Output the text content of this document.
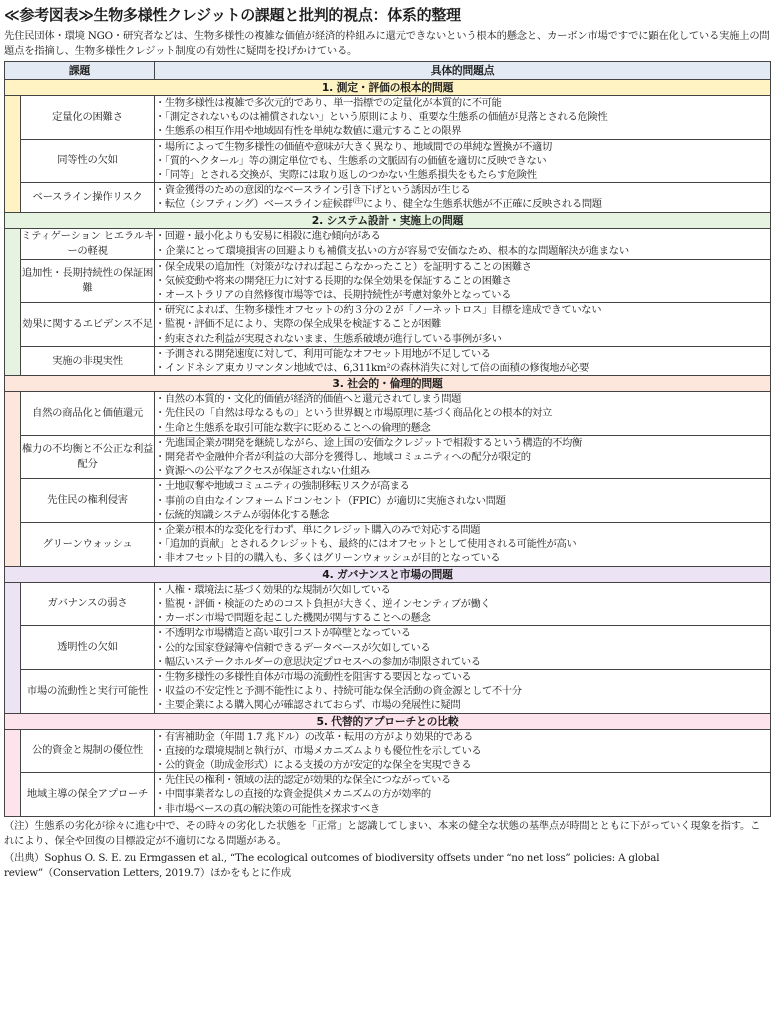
≪参考図表≫生物多様性クレジットの課題と批判的視点：体系的整理
先住民団体・環境 NGO・研究者などは、生物多様性の複雑な価値が経済的枠組みに還元できないという根本的懸念と、カーボン市場ですでに顕在化している実施上の問題点を指摘し、生物多様性クレジット制度の有効性に疑問を投げかけている。
課題		具体的問題点
1. 測定・評価の根本的問題		
	定量化の困難さ	・生物多様性は複雑で多次元的であり、単一指標での定量化が本質的に不可能
・「測定されないものは補償されない」という原則により、重要な生態系の価値が見落とされる危険性
・生態系の相互作用や地域固有性を単純な数値に還元することの限界

	同等性の欠如	・場所によって生物多様性の価値や意味が大きく異なり、地域間での単純な置換が不適切
・「質的ヘクタール」等の測定単位でも、生態系の文脈固有の価値を適切に反映できない
・「同等」とされる交換が、実際には取り返しのつかない生態系損失をもたらす危険性

	ベースライン操作リスク	・資金獲得のための意図的なベースライン引き下げという誘因が生じる
・転位（シフティング）ベースライン症候群$^{(注)}$により、健全な生態系状態が不正確に反映される問題

2. システム設計・実施上の問題		
	ミティゲーション ヒエラルキーの軽視	・回避・最小化よりも安易に相殺に進む傾向がある
・企業にとって環境損害の回避よりも補償支払いの方が容易で安価なため、根本的な問題解決が進まない

	追加性・長期持続性の保証困難	・保全成果の追加性（対策がなければ起こらなかったこと）を証明することの困難さ
・気候変動や将来の開発圧力に対する長期的な保全効果を保証することの困難さ
・オーストラリアの自然修復市場等では、長期持続性が考慮対象外となっている

	効果に関するエビデンス不足	・研究によれば、生物多様性オフセットの約３分の２が「ノーネットロス」目標を達成できていない
・監視・評価不足により、実際の保全成果を検証することが困難
・約束された利益が実現されないまま、生態系破壊が進行している事例が多い

	実施の非現実性	・予測される開発速度に対して、利用可能なオフセット用地が不足している
・インドネシア東カリマンタン地域では、6,311km²の森林消失に対して倍の面積の修復地が必要

3. 社会的・倫理的問題		
	自然の商品化と価値還元	・自然の本質的・文化的価値が経済的価値へと還元されてしまう問題
・先住民の「自然は母なるもの」という世界観と市場原理に基づく商品化との根本的対立
・生命と生態系を取引可能な数字に貶めることへの倫理的懸念

	権力の不均衡と不公正な利益配分	・先進国企業が開発を継続しながら、途上国の安価なクレジットで相殺するという構造的不均衡
・開発者や金融仲介者が利益の大部分を獲得し、地域コミュニティへの配分が限定的
・資源への公平なアクセスが保証されない仕組み

	先住民の権利侵害	・土地収奪や地域コミュニティの強制移転リスクが高まる
・事前の自由なインフォームドコンセント（FPIC）が適切に実施されない問題
・伝統的知識システムが弱体化する懸念

	グリーンウォッシュ	・企業が根本的な変化を行わず、単にクレジット購入のみで対応する問題
・「追加的貢献」とされるクレジットも、最終的にはオフセットとして使用される可能性が高い
・非オフセット目的の購入も、多くはグリーンウォッシュが目的となっている

4. ガバナンスと市場の問題		
	ガバナンスの弱さ	・人権・環境法に基づく効果的な規制が欠如している
・監視・評価・検証のためのコスト負担が大きく、逆インセンティブが働く
・カーボン市場で問題を起こした機関が関与することへの懸念

	透明性の欠如	・不透明な市場構造と高い取引コストが障壁となっている
・公的な国家登録簿や信頼できるデータベースが欠如している
・幅広いステークホルダーの意思決定プロセスへの参加が制限されている

	市場の流動性と実行可能性	・生物多様性の多様性自体が市場の流動性を阻害する要因となっている
・収益の不安定性と予測不能性により、持続可能な保全活動の資金源として不十分
・主要企業による購入関心が確認されておらず、市場の発展性に疑問

5. 代替的アプローチとの比較		
	公的資金と規制の優位性	・有害補助金（年間 1.7 兆ドル）の改革・転用の方がより効果的である
・直接的な環境規制と執行が、市場メカニズムよりも優位性を示している
・公的資金（助成金形式）による支援の方が安定的な保全を実現できる

	地域主導の保全アプローチ	・先住民の権利・領域の法的認定が効果的な保全につながっている
・中間事業者なしの直接的な資金提供メカニズムの方が効率的
・非市場ベースの真の解決策の可能性を探求すべき
（注）生態系の劣化が徐々に進む中で、その時々の劣化した状態を「正常」と認識してしまい、本来の健全な状態の基準点が時間とともに下がっていく現象を指す。これにより、保全や回復の目標設定が不適切になる問題がある。
（出典）Sophus O. S. E. zu Ermgassen et al., “The ecological outcomes of biodiversity offsets under “no net loss” policies: A global review”（Conservation Letters, 2019.7）ほかをもとに作成
